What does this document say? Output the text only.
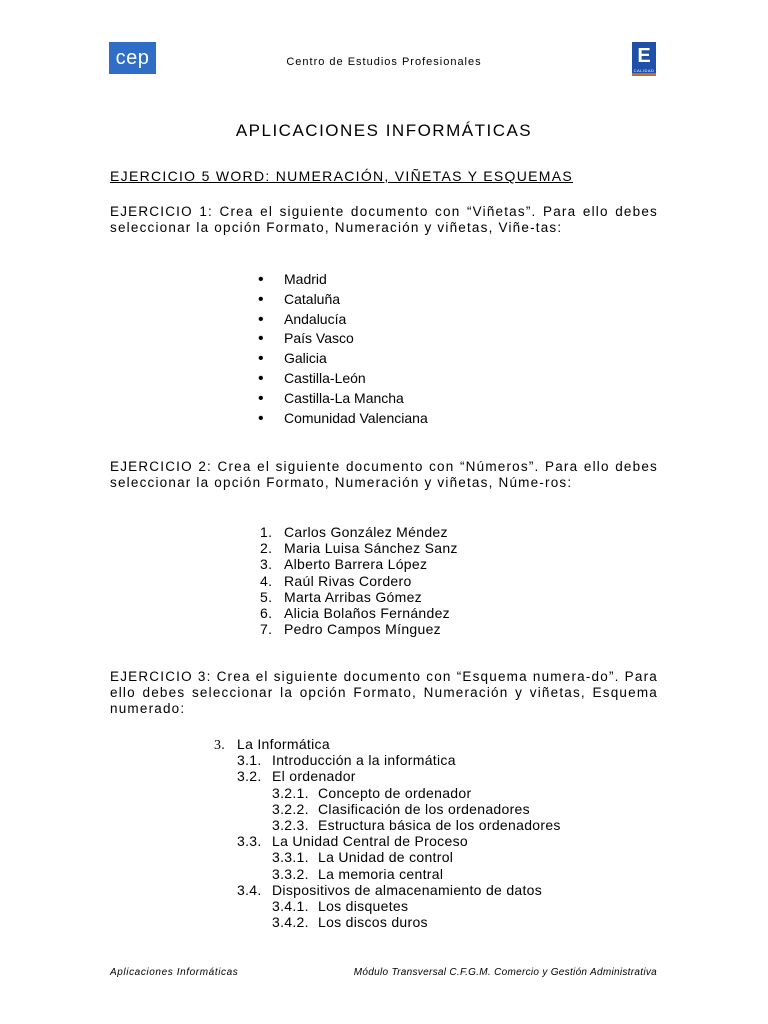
cep	Centro de Estudios Profesionales	E
CALIDAD
APLICACIONES INFORMÁTICAS
EJERCICIO 5 WORD: NUMERACIÓN, VIÑETAS Y ESQUEMAS
EJERCICIO 1: Crea el siguiente documento con “Viñetas”. Para ello debes seleccionar la opción Formato, Numeración y viñetas, Viñe-tas:
• Madrid
• Cataluña
• Andalucía
• País Vasco
• Galicia
• Castilla-León
• Castilla-La Mancha
• Comunidad Valenciana
EJERCICIO 2: Crea el siguiente documento con “Números”. Para ello debes seleccionar la opción Formato, Numeración y viñetas, Núme-ros:
1. Carlos González Méndez
2. Maria Luisa Sánchez Sanz
3. Alberto Barrera López
4. Raúl Rivas Cordero
5. Marta Arribas Gómez
6. Alicia Bolaños Fernández
7. Pedro Campos Mínguez
EJERCICIO 3: Crea el siguiente documento con “Esquema numera-do”. Para ello debes seleccionar la opción Formato, Numeración y viñetas, Esquema numerado:
3. La Informática
3.1. Introducción a la informática
3.2. El ordenador
3.2.1. Concepto de ordenador
3.2.2. Clasificación de los ordenadores
3.2.3. Estructura básica de los ordenadores
3.3. La Unidad Central de Proceso
3.3.1. La Unidad de control
3.3.2. La memoria central
3.4. Dispositivos de almacenamiento de datos
3.4.1. Los disquetes
3.4.2. Los discos duros
Aplicaciones Informáticas	Módulo Transversal C.F.G.M. Comercio y Gestión Administrativa
